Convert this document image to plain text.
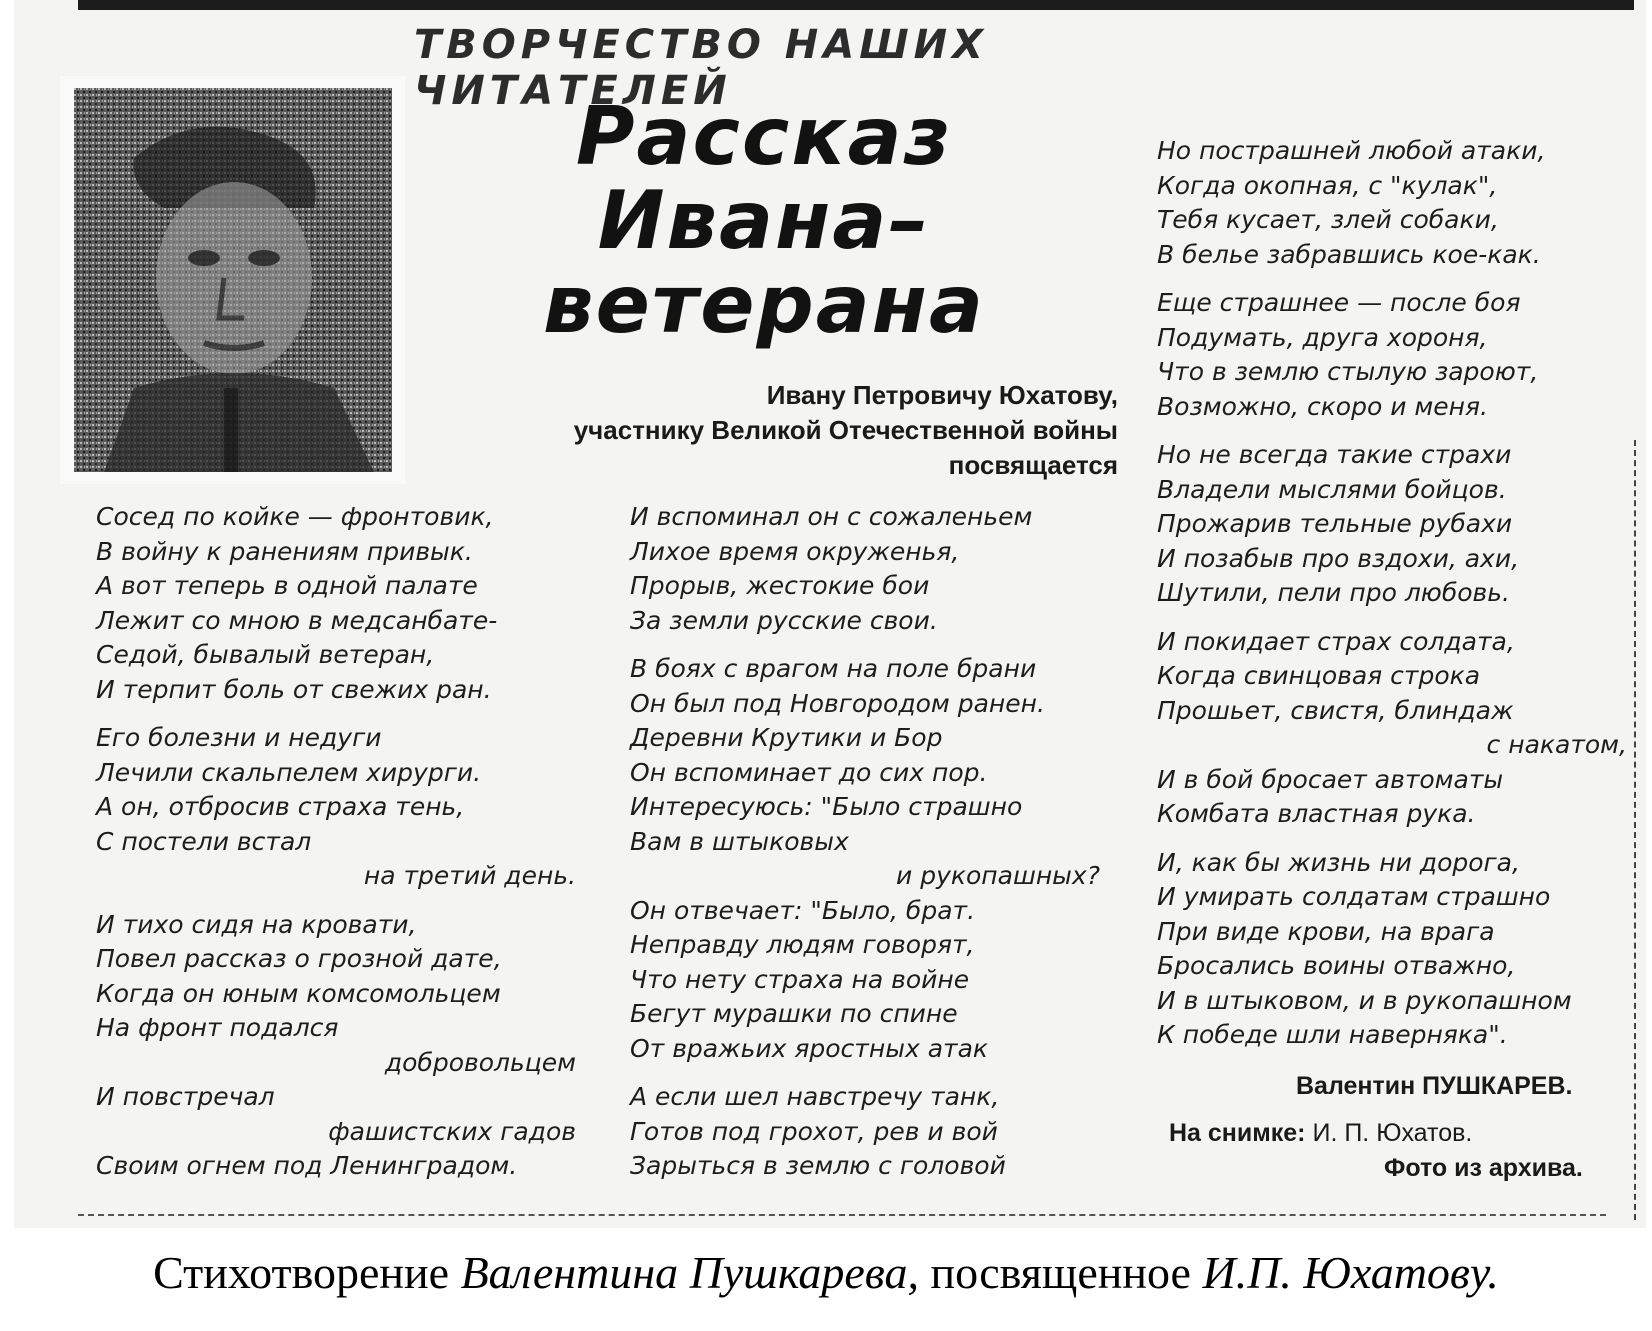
ТВОРЧЕСТВО НАШИХ ЧИТАТЕЛЕЙ
Рассказ
Ивана–
ветерана
Ивану Петровичу Юхатову,
участнику Великой Отечественной войны
посвящается
Сосед по койке — фронтовик,
В войну к ранениям привык.
А вот теперь в одной палате
Лежит со мною в медсанбате-
Седой, бывалый ветеран,
И терпит боль от свежих ран.
Его болезни и недуги
Лечили скальпелем хирурги.
А он, отбросив страха тень,
С постели встал
на третий день.
И тихо сидя на кровати,
Повел рассказ о грозной дате,
Когда он юным комсомольцем
На фронт подался
добровольцем
И повстречал
фашистских гадов
Своим огнем под Ленинградом.
И вспоминал он с сожаленьем
Лихое время окруженья,
Прорыв, жестокие бои
За земли русские свои.
В боях с врагом на поле брани
Он был под Новгородом ранен.
Деревни Крутики и Бор
Он вспоминает до сих пор.
Интересуюсь: "Было страшно
Вам в штыковых
и рукопашных?
Он отвечает: "Было, брат.
Неправду людям говорят,
Что нету страха на войне
Бегут мурашки по спине
От вражьих яростных атак
А если шел навстречу танк,
Готов под грохот, рев и вой
Зарыться в землю с головой
Но пострашней любой атаки,
Когда окопная, с "кулак",
Тебя кусает, злей собаки,
В белье забравшись кое-как.
Еще страшнее — после боя
Подумать, друга хороня,
Что в землю стылую зароют,
Возможно, скоро и меня.
Но не всегда такие страхи
Владели мыслями бойцов.
Прожарив тельные рубахи
И позабыв про вздохи, ахи,
Шутили, пели про любовь.
И покидает страх солдата,
Когда свинцовая строка
Прошьет, свистя, блиндаж
с накатом,
И в бой бросает автоматы
Комбата властная рука.
И, как бы жизнь ни дорога,
И умирать солдатам страшно
При виде крови, на врага
Бросались воины отважно,
И в штыковом, и в рукопашном
К победе шли наверняка".
Валентин ПУШКАРЕВ.
На снимке: И. П. Юхатов.
Фото из архива.
Стихотворение Валентина Пушкарева, посвященное И.П. Юхатову.
